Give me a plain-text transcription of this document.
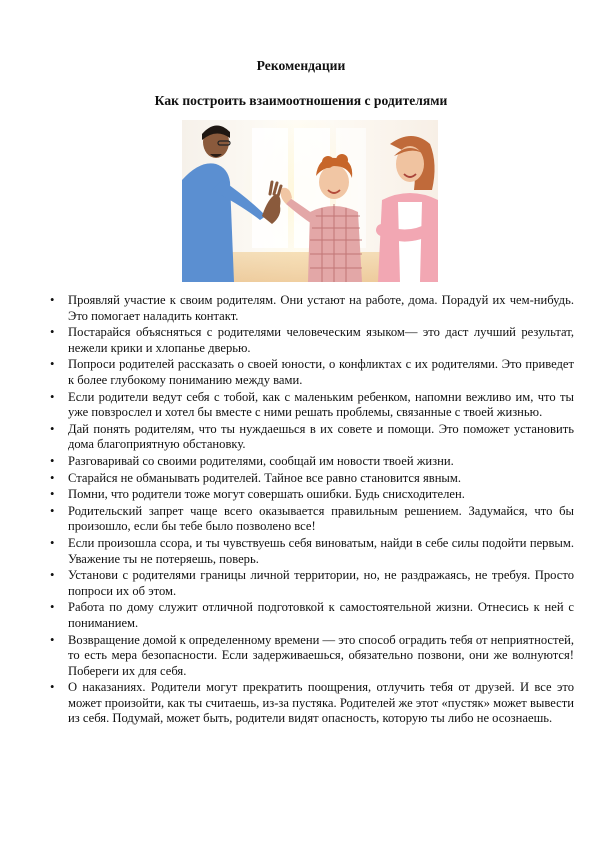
Рекомендации
Как построить взаимоотношения с родителями
• Проявляй участие к своим родителям. Они устают на работе, дома. Порадуй их чем-нибудь. Это помогает наладить контакт.
• Постарайся объясняться с родителями человеческим языком— это даст лучший результат, нежели крики и хлопанье дверью.
• Попроси родителей рассказать о своей юности, о конфликтах с их родителями. Это приведет к более глубокому пониманию между вами.
• Если родители ведут себя с тобой, как с маленьким ребенком, напомни вежливо им, что ты уже повзрослел и хотел бы вместе с ними решать проблемы, связанные с твоей жизнью.
• Дай понять родителям, что ты нуждаешься в их совете и помощи. Это поможет установить дома благоприятную обстановку.
• Разговаривай со своими родителями, сообщай им новости твоей жизни.
• Старайся не обманывать родителей. Тайное все равно становится явным.
• Помни, что родители тоже могут совершать ошибки. Будь снисходителен.
• Родительский запрет чаще всего оказывается правильным решением. Задумайся, что бы произошло, если бы тебе было позволено все!
• Если произошла ссора, и ты чувствуешь себя виноватым, найди в себе силы подойти первым. Уважение ты не потеряешь, поверь.
• Установи с родителями границы личной территории, но, не раздражаясь, не требуя. Просто попроси их об этом.
• Работа по дому служит отличной подготовкой к самостоятельной жизни. Отнесись к ней с пониманием.
• Возвращение домой к определенному времени — это способ оградить тебя от неприятностей, то есть мера безопасности. Если задерживаешься, обязательно позвони, они же волнуются! Побереги их для себя.
• О наказаниях. Родители могут прекратить поощрения, отлучить тебя от друзей. И все это может произойти, как ты считаешь, из-за пустяка. Родителей же этот «пустяк» может вывести из себя. Подумай, может быть, родители видят опасность, которую ты либо не осознаешь.
